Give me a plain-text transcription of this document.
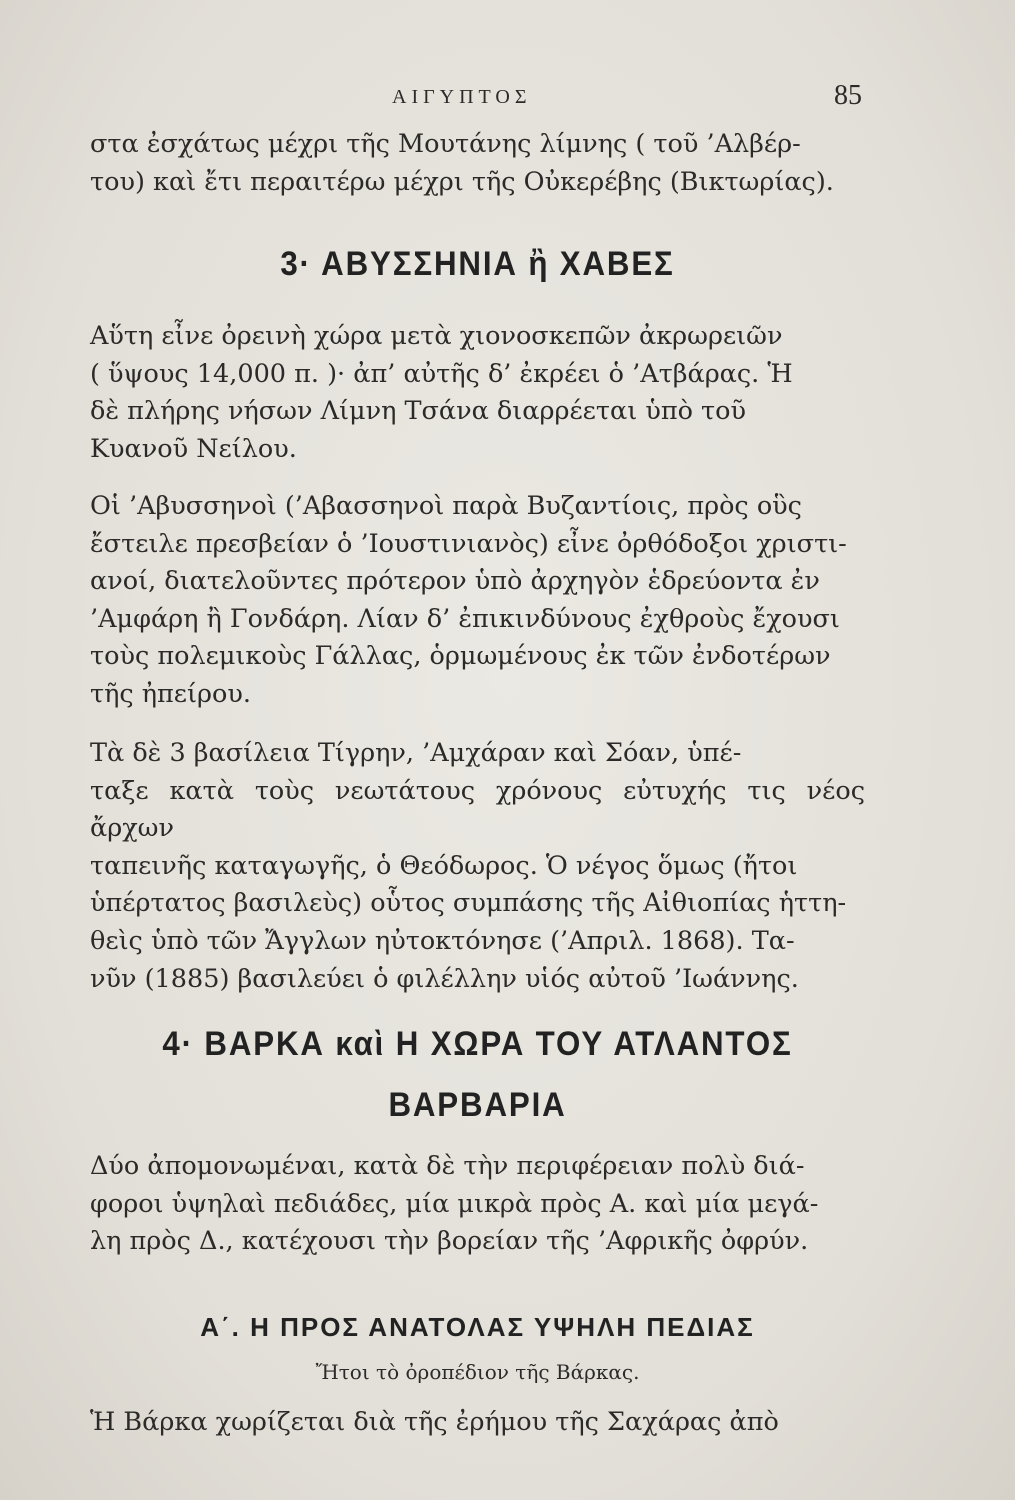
ΑΙΓΥΠΤΟΣ	85
στα ἐσχάτως μέχρι τῆς Μουτάνης λίμνης ( τοῦ ’Αλβέρ-
του) καὶ ἔτι περαιτέρω μέχρι τῆς Οὐκερέβης (Βικτωρίας).
3· ΑΒΥΣΣΗΝΙΑ ἢ ΧΑΒΕΣ
Αὕτη εἶνε ὀρεινὴ χώρα μετὰ χιονοσκεπῶν ἀκρωρειῶν
( ὕψους 14,000 π. )· ἀπ’ αὐτῆς δ’ ἐκρέει ὁ ’Ατβάρας. Ἡ
δὲ πλήρης νήσων Λίμνη Τσάνα διαρρέεται ὑπὸ τοῦ
Κυανοῦ Νείλου.
Οἱ ’Αβυσσηνοὶ (’Αβασσηνοὶ παρὰ Βυζαντίοις, πρὸς οὓς
ἔστειλε πρεσβείαν ὁ ’Ιουστινιανὸς) εἶνε ὀρθόδοξοι χριστι-
ανοί, διατελοῦντες πρότερον ὑπὸ ἀρχηγὸν ἑδρεύοντα ἐν
’Αμφάρη ἢ Γονδάρη. Λίαν δ’ ἐπικινδύνους ἐχθροὺς ἔχουσι
τοὺς πολεμικοὺς Γάλλας, ὁρμωμένους ἐκ τῶν ἐνδοτέρων
τῆς ἠπείρου.
Τὰ δὲ 3 βασίλεια Τίγρην, ’Αμχάραν καὶ Σόαν, ὑπέ-
ταξε κατὰ τοὺς νεωτάτους χρόνους εὐτυχής τις νέος ἄρχων
ταπεινῆς καταγωγῆς, ὁ Θεόδωρος. Ὁ νέγος ὅμως (ἤτοι
ὑπέρτατος βασιλεὺς) οὗτος συμπάσης τῆς Αἰθιοπίας ἡττη-
θεὶς ὑπὸ τῶν Ἄγγλων ηὐτοκτόνησε (’Απριλ. 1868). Τα-
νῦν (1885) βασιλεύει ὁ φιλέλλην υἱός αὐτοῦ ’Ιωάννης.
4· ΒΑΡΚΑ καὶ Η ΧΩΡΑ ΤΟΥ ΑΤΛΑΝΤΟΣ
ΒΑΡΒΑΡΙΑ
Δύο ἀπομονωμέναι, κατὰ δὲ τὴν περιφέρειαν πολὺ διά-
φοροι ὑψηλαὶ πεδιάδες, μία μικρὰ πρὸς Α. καὶ μία μεγά-
λη πρὸς Δ., κατέχουσι τὴν βορείαν τῆς ’Αφρικῆς ὀφρύν.
Α΄. Η ΠΡΟΣ ΑΝΑΤΟΛΑΣ ΥΨΗΛΗ ΠΕΔΙΑΣ
Ἤτοι τὸ ὀροπέδιον τῆς Βάρκας.
Ἡ Βάρκα χωρίζεται διὰ τῆς ἐρήμου τῆς Σαχάρας ἀπὸ
